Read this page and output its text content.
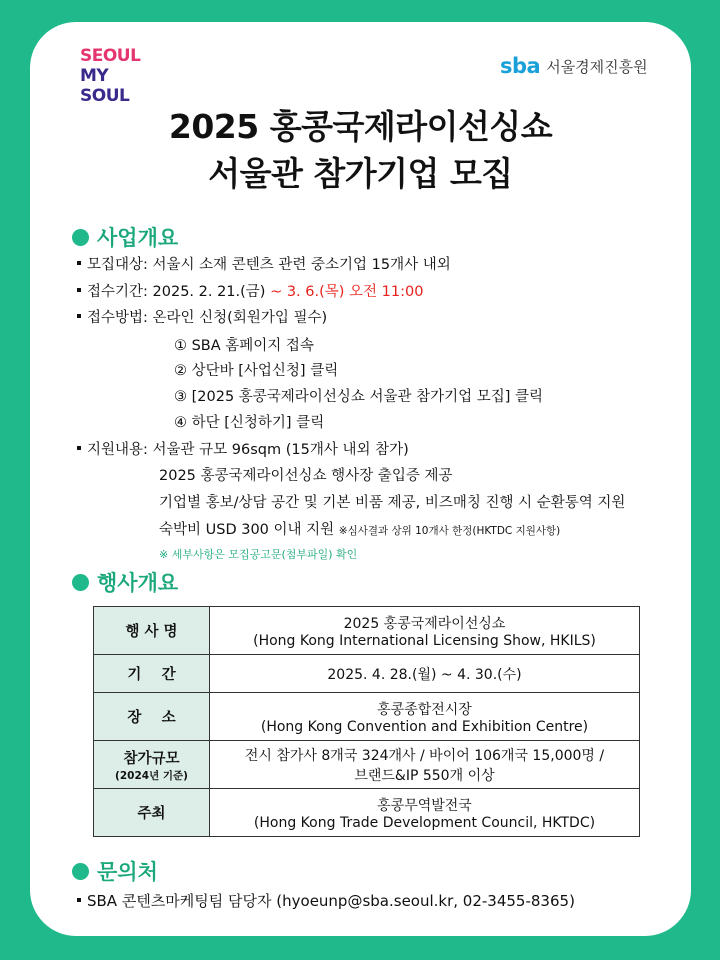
SEOUL
MY SOUL
sba 서울경제진흥원
2025 홍콩국제라이선싱쇼
서울관 참가기업 모집
사업개요
모집대상: 서울시 소재 콘텐츠 관련 중소기업 15개사 내외
접수기간: 2025. 2. 21.(금) ~ 3. 6.(목) 오전 11:00
접수방법: 온라인 신청(회원가입 필수)
① SBA 홈페이지 접속
② 상단바 [사업신청] 클릭
③ [2025 홍콩국제라이선싱쇼 서울관 참가기업 모집] 클릭
④ 하단 [신청하기] 클릭
지원내용: 서울관 규모 96sqm (15개사 내외 참가)
2025 홍콩국제라이선싱쇼 행사장 출입증 제공
기업별 홍보/상담 공간 및 기본 비품 제공, 비즈매칭 진행 시 순환통역 지원
숙박비 USD 300 이내 지원 ※심사결과 상위 10개사 한정(HKTDC 지원사항)
※ 세부사항은 모집공고문(첨부파일) 확인
행사개요
행 사 명	2025 홍콩국제라이선싱쇼
(Hong Kong International Licensing Show, HKILS)

기    간	2025. 4. 28.(월) ~ 4. 30.(수)

장    소	홍콩종합전시장
(Hong Kong Convention and Exhibition Centre)

참가규모
(2024년 기준)	전시 참가사 8개국 324개사 / 바이어 106개국 15,000명 /
브랜드&IP 550개 이상

주최	홍콩무역발전국
(Hong Kong Trade Development Council, HKTDC)
문의처
SBA 콘텐츠마케팅팀 담당자 (hyoeunp@sba.seoul.kr, 02-3455-8365)
